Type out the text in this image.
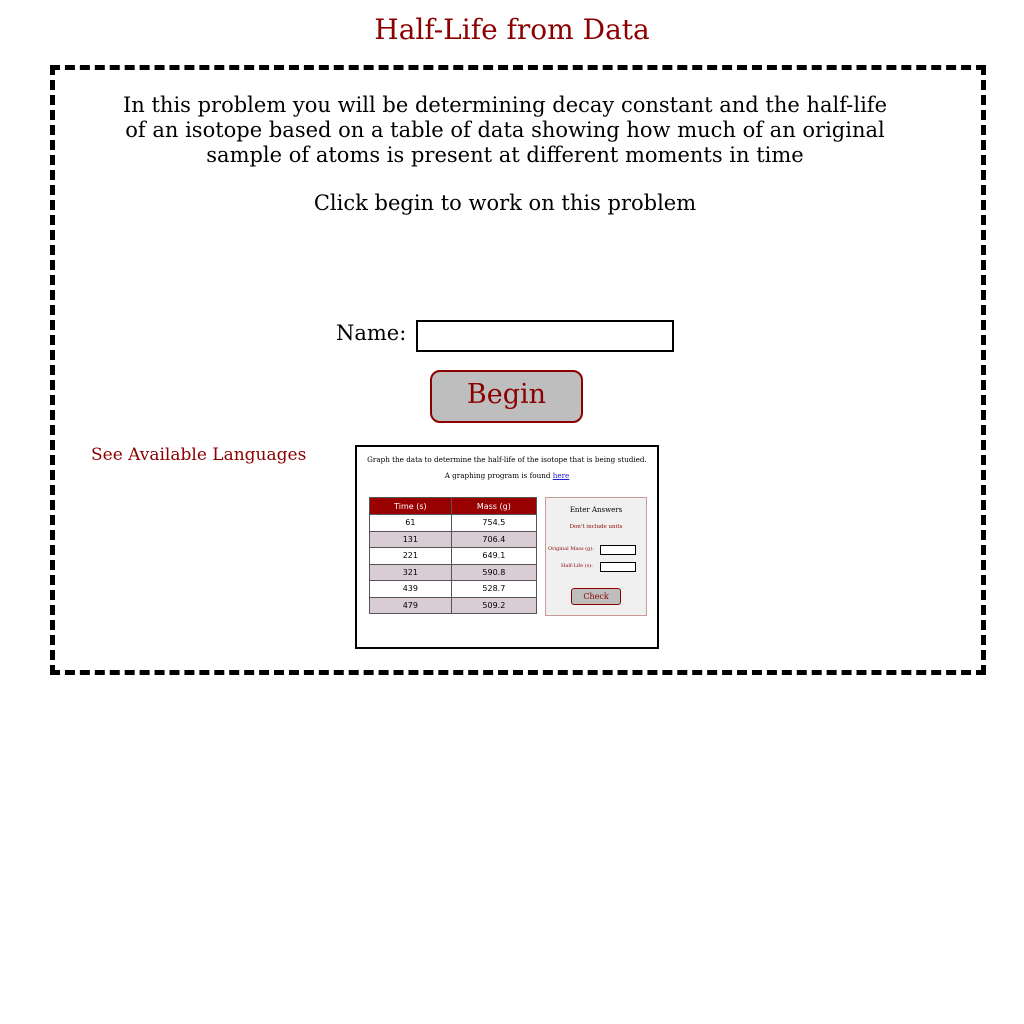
Half-Life from Data
In this problem you will be determining decay constant and the half-life of an isotope based on a table of data showing how much of an original sample of atoms is present at different moments in time
Click begin to work on this problem
Name:
Begin
See Available Languages	Graph the data to determine the half-life of the isotope that is being studied.
A graphing program is found here
Time (s)	Mass (g)
61	754.5
131	706.4
221	649.1
321	590.8
439	528.7
479	509.2
Enter Answers
Don't include units
Original Mass (g):
Half-Life (s):
Check
